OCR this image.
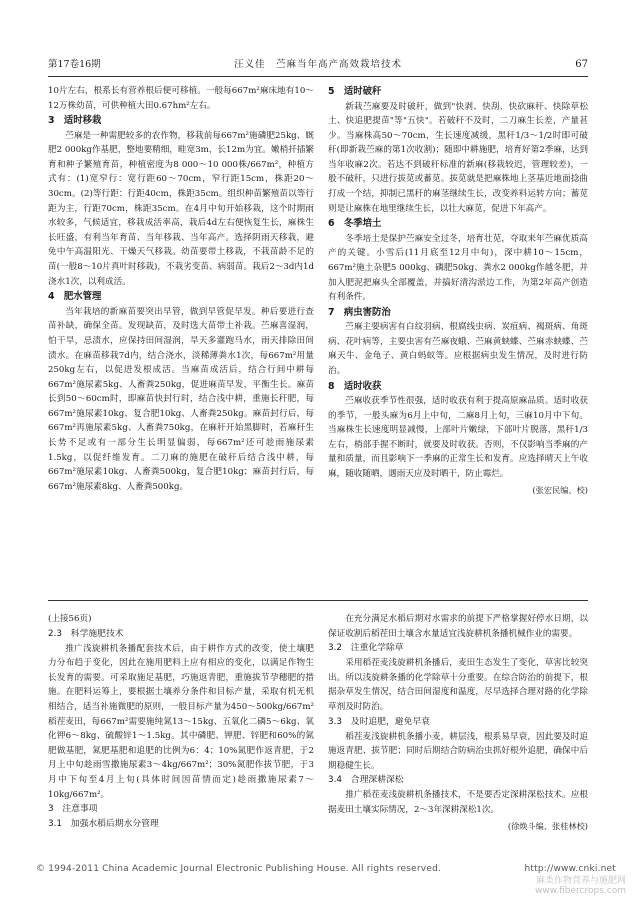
第17卷16期	汪义佳　苎麻当年高产高效栽培技术	67

10片左右，根系长有营养根后便可移植。一般每667m²麻床地有10～12万株幼苗，可供种植大田0.67hm²左右。

3　适时移栽

苎麻是一种需肥较多的农作物，移栽前每667m²施磷肥25kg、厩肥2 000kg作基肥，整地要精细，畦宽3m，长12m为宜。嫩梢扦插繁育和种子繁殖育苗，种植密度为8 000～10 000株/667m²，种植方式有：(1)宽窄行：宽行距60～70cm，窄行距15cm，株距20～30cm。(2)等行距：行距40cm，株距35cm。组织种苗繁殖苗以等行距为主，行距70cm，株距35cm。在4月中旬开始移栽，这个时期雨水较多，气候适宜，移栽成活率高，栽后4d左右便恢复生长，麻株生长旺盛，有利当年育苗、当年移栽、当年高产。选择阴雨天移栽，避免中午高温阳光、干燥天气移栽。幼苗要带土移栽，不栽苗龄不足的苗(一般8～10片真叶时移栽)，不栽劣变苗、病弱苗。栽后2～3d内1d浇水1次，以利成活。

4　肥水管理

当年栽培的新麻苗要突出早管，做到早管促早发。种后要进行查苗补缺，确保全苗。发现缺苗，及时选大苗带土补栽。苎麻喜湿润，怕干旱，忌渍水，应保持田间湿润，旱天多灌跑马水，雨天排除田间渍水。在麻苗移栽7d内，结合浇水，淡稀薄粪水1次，每667m²用量250kg左右，以促进发根成活。当麻苗成活后，结合行间中耕每667m²施尿素5kg、人畜粪250kg，促进麻苗早发，平衡生长。麻苗长到50～60cm时，即麻苗快封行时，结合浅中耕，重施长秆肥，每667m²施尿素10kg、复合肥10kg、人畜粪250kg。麻苗封行后，每667m²再施尿素5kg、人畜粪750kg，在麻秆开始黑脚时，若麻秆生长势不足或有一部分生长明显偏弱，每667m²还可趁雨施尿素1.5kg，以促纤维发育。二刀麻的施肥在破秆后结合浅中耕，每667m²施尿素10kg、人畜粪500kg，复合肥10kg；麻苗封行后，每667m²施尿素8kg、人畜粪500kg。

5　适时破秆

新栽苎麻要及时破秆，做到"快剥、快刮、快砍麻秆、快除草松土、快追肥提苗"等"五快"。若破秆不及时，二刀麻生长差，产量甚少。当麻株高50～70cm，生长速度减缓，黑秆1/3～1/2时即可破秆(即新栽苎麻的第1次收割)；随即中耕施肥，培育好第2季麻，达到当年收麻2次。若达不到破秆标准的新麻(移栽较迟，管理较差)，一般不破秆，只进行拔苋或蓄苋。拔苋就是把麻株地上茎基近地面捻曲打成一个结，抑制已黑秆的麻茎继续生长，改变养料运转方向；蓄苋则是让麻株在地里继续生长，以壮大麻苋，促进下年高产。

6　冬季培土

冬季培土是保护苎麻安全过冬，培育壮苋，夺取来年苎麻优质高产的关键。小雪后(11月底至12月中旬)，深中耕10～15cm，667m²施土杂肥5 000kg、磷肥50kg、粪水2 000kg作越冬肥，并加入肥泥把麻头全部覆盖，并搞好清沟淤边工作，为第2年高产创造有利条件。

7　病虫害防治

苎麻主要病害有白纹羽病、根腐线虫病、炭疽病、褐斑病、角斑病、花叶病等，主要虫害有苎麻夜蛾、苎麻黄蛱蝶、苎麻赤蛱蝶、苎麻天牛、金龟子、黄白蚂蚁等。应根据病虫发生情况，及时进行防治。

8　适时收获

苎麻收获季节性很强，适时收获有利于提高原麻品质。适时收获的季节，一般头麻为6月上中旬，二麻8月上旬，三麻10月中下旬。当麻株生长速度明显减慢，上部叶片嫩绿，下部叶片脱落，黑秆1/3左右，梢部手握不断时，就要及时收获。否则，不仅影响当季麻的产量和质量，而且影响下一季麻的正常生长和发育。应选择晴天上午收麻，随收随晒，遇雨天应及时晒干，防止霉烂。

(张宏民编、校)

(上接56页)

2.3　科学施肥技术

推广浅旋耕机条播配套技术后，由于耕作方式的改变，使土壤肥力分布趋于变化，因此在施用肥料上应有相应的变化，以满足作物生长发育的需要。可采取施足基肥，巧施返青肥，重施拔节孕穗肥的措施。在肥料运筹上，要根据土壤养分条件和目标产量，采取有机无机相结合，适当补施微肥的原则，一般目标产量为450～500kg/667m²稻茬麦田，每667m²需要施纯氮13～15kg、五氧化二磷5～6kg、氧化钾6～8kg、硫酸锌1～1.5kg。其中磷肥、钾肥、锌肥和60%的氮肥做基肥，氮肥基肥和追肥的比例为6：4；10%氮肥作返青肥，于2月上中旬趁雨雪撒施尿素3～4kg/667m²；30%氮肥作拔节肥，于3月中下旬至4月上旬(具体时间因苗情而定)趁雨撒施尿素7～10kg/667m²。

3　注意事项
3.1　加强水稻后期水分管理

在充分满足水稻后期对水需求的前提下严格掌握好停水日期，以保证收割后稻茬田土壤含水量适宜浅旋耕机条播机械作业的需要。

3.2　注重化学除草

采用稻茬麦浅旋耕机条播后，麦田生态发生了变化，草害比较突出。所以浅旋耕条播的化学除草十分重要。在综合防治的前提下，根据杂草发生情况，结合田间湿度和温度，尽早选择合理对路的化学除草剂及时防治。

3.3　及时追肥，避免早衰

稻茬麦浅旋耕机条播小麦，耕层浅，根系易早衰，因此要及时追施返青肥、拔节肥；同时后期结合防病治虫抓好根外追肥，确保中后期稳健生长。

3.4　合理深耕深松

推广稻茬麦浅旋耕机条播技术，不是要否定深耕深松技术。应根据麦田土壤实际情况，2～3年深耕深松1次。

(徐焕斗编、张桂林校)

© 1994-2011 China Academic Journal Electronic Publishing House. All rights reserved.	http://www.cnki.net
麻类作物营养与施肥网
www.fibercrops.com
